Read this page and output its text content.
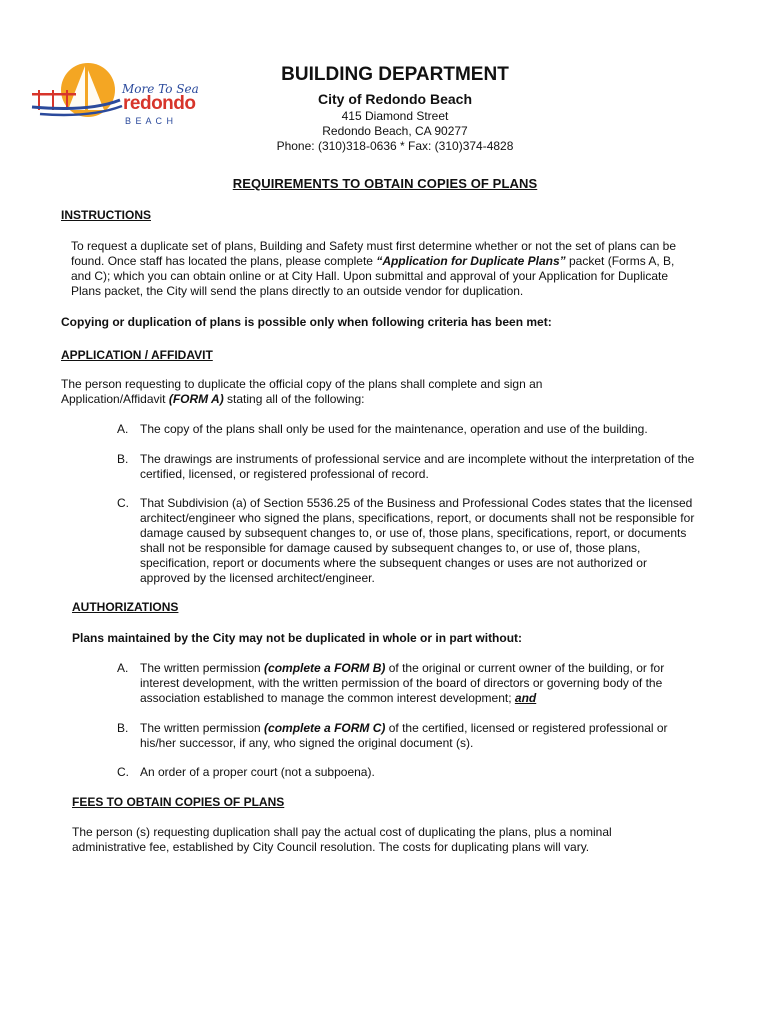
More To Sea
redondo
B E A C H
BUILDING DEPARTMENT
City of Redondo Beach
415 Diamond Street
Redondo Beach, CA 90277
Phone: (310)318-0636 * Fax: (310)374-4828
REQUIREMENTS TO OBTAIN COPIES OF PLANS
INSTRUCTIONS
To request a duplicate set of plans, Building and Safety must first determine whether or not the set of plans can be
found. Once staff has located the plans, please complete “Application for Duplicate Plans” packet (Forms A, B,
and C); which you can obtain online or at City Hall. Upon submittal and approval of your Application for Duplicate
Plans packet, the City will send the plans directly to an outside vendor for duplication.
Copying or duplication of plans is possible only when following criteria has been met:
APPLICATION / AFFIDAVIT
The person requesting to duplicate the official copy of the plans shall complete and sign an
Application/Affidavit (FORM A) stating all of the following:
A. The copy of the plans shall only be used for the maintenance, operation and use of the building.
B. The drawings are instruments of professional service and are incomplete without the interpretation of the
certified, licensed, or registered professional of record.
C. That Subdivision (a) of Section 5536.25 of the Business and Professional Codes states that the licensed
architect/engineer who signed the plans, specifications, report, or documents shall not be responsible for
damage caused by subsequent changes to, or use of, those plans, specifications, report, or documents
shall not be responsible for damage caused by subsequent changes to, or use of, those plans,
specification, report or documents where the subsequent changes or uses are not authorized or
approved by the licensed architect/engineer.
AUTHORIZATIONS
Plans maintained by the City may not be duplicated in whole or in part without:
A. The written permission (complete a FORM B) of the original or current owner of the building, or for
interest development, with the written permission of the board of directors or governing body of the
association established to manage the common interest development; and
B. The written permission (complete a FORM C) of the certified, licensed or registered professional or
his/her successor, if any, who signed the original document (s).
C. An order of a proper court (not a subpoena).
FEES TO OBTAIN COPIES OF PLANS
The person (s) requesting duplication shall pay the actual cost of duplicating the plans, plus a nominal
administrative fee, established by City Council resolution. The costs for duplicating plans will vary.
